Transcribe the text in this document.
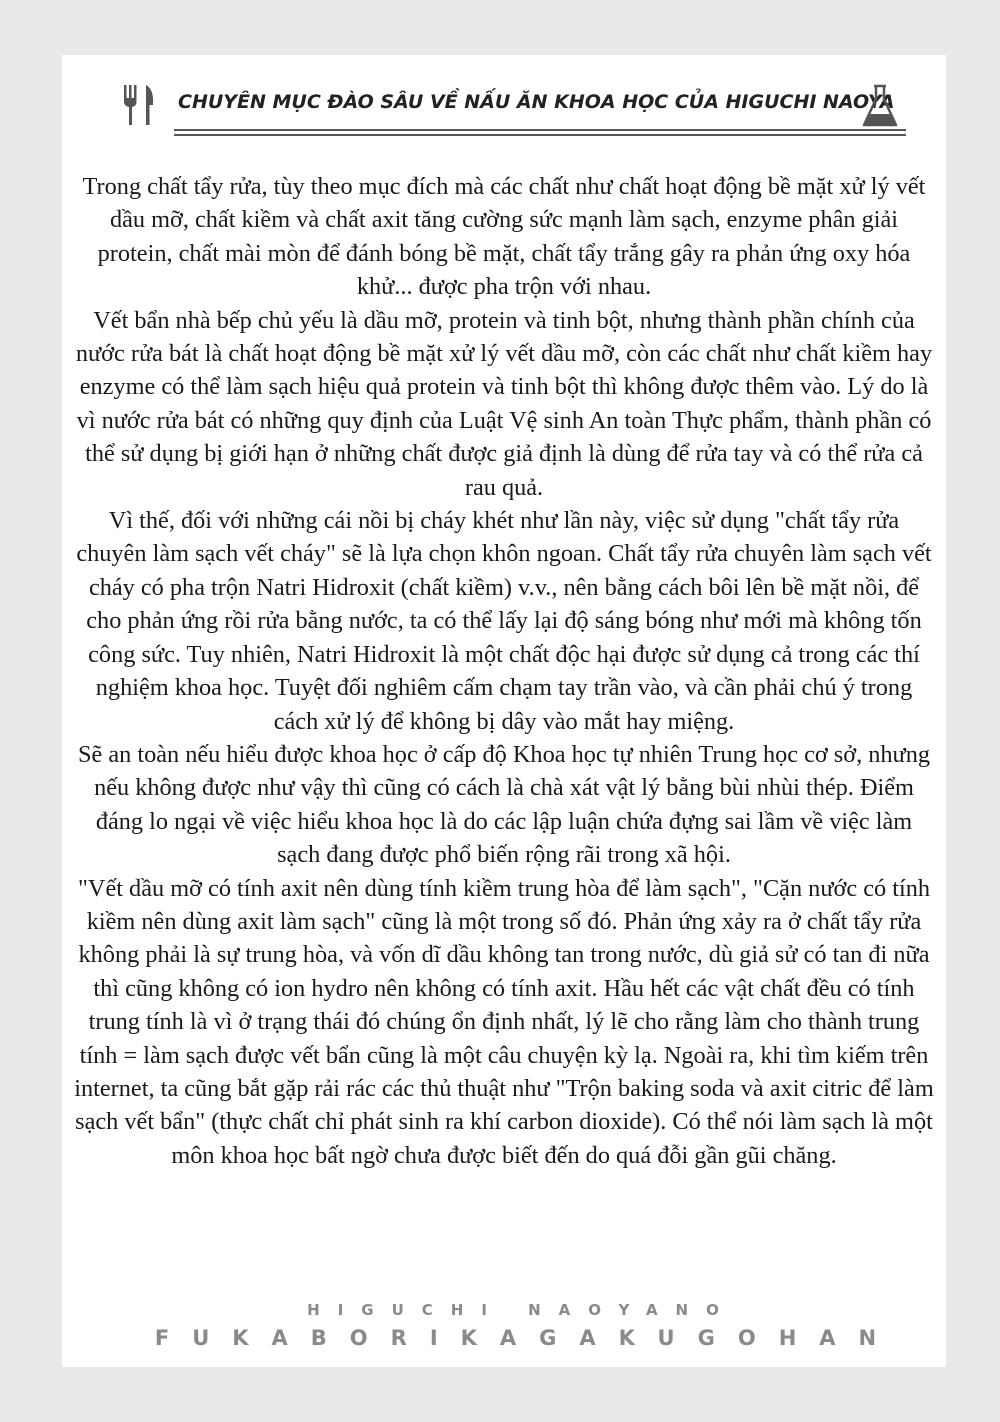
CHUYÊN MỤC ĐÀO SÂU VỀ NẤU ĂN KHOA HỌC CỦA HIGUCHI NAOYA

Trong chất tẩy rửa, tùy theo mục đích mà các chất như chất hoạt động bề mặt xử lý vết dầu mỡ, chất kiềm và chất axit tăng cường sức mạnh làm sạch, enzyme phân giải protein, chất mài mòn để đánh bóng bề mặt, chất tẩy trắng gây ra phản ứng oxy hóa khử... được pha trộn với nhau.

Vết bẩn nhà bếp chủ yếu là dầu mỡ, protein và tinh bột, nhưng thành phần chính của nước rửa bát là chất hoạt động bề mặt xử lý vết dầu mỡ, còn các chất như chất kiềm hay enzyme có thể làm sạch hiệu quả protein và tinh bột thì không được thêm vào. Lý do là vì nước rửa bát có những quy định của Luật Vệ sinh An toàn Thực phẩm, thành phần có thể sử dụng bị giới hạn ở những chất được giả định là dùng để rửa tay và có thể rửa cả rau quả.

Vì thế, đối với những cái nồi bị cháy khét như lần này, việc sử dụng "chất tẩy rửa chuyên làm sạch vết cháy" sẽ là lựa chọn khôn ngoan. Chất tẩy rửa chuyên làm sạch vết cháy có pha trộn Natri Hidroxit (chất kiềm) v.v., nên bằng cách bôi lên bề mặt nồi, để cho phản ứng rồi rửa bằng nước, ta có thể lấy lại độ sáng bóng như mới mà không tốn công sức. Tuy nhiên, Natri Hidroxit là một chất độc hại được sử dụng cả trong các thí nghiệm khoa học. Tuyệt đối nghiêm cấm chạm tay trần vào, và cần phải chú ý trong cách xử lý để không bị dây vào mắt hay miệng.

Sẽ an toàn nếu hiểu được khoa học ở cấp độ Khoa học tự nhiên Trung học cơ sở, nhưng nếu không được như vậy thì cũng có cách là chà xát vật lý bằng bùi nhùi thép. Điểm đáng lo ngại về việc hiểu khoa học là do các lập luận chứa đựng sai lầm về việc làm sạch đang được phổ biến rộng rãi trong xã hội.

"Vết dầu mỡ có tính axit nên dùng tính kiềm trung hòa để làm sạch", "Cặn nước có tính kiềm nên dùng axit làm sạch" cũng là một trong số đó. Phản ứng xảy ra ở chất tẩy rửa không phải là sự trung hòa, và vốn dĩ dầu không tan trong nước, dù giả sử có tan đi nữa thì cũng không có ion hydro nên không có tính axit. Hầu hết các vật chất đều có tính trung tính là vì ở trạng thái đó chúng ổn định nhất, lý lẽ cho rằng làm cho thành trung tính = làm sạch được vết bẩn cũng là một câu chuyện kỳ lạ. Ngoài ra, khi tìm kiếm trên internet, ta cũng bắt gặp rải rác các thủ thuật như "Trộn baking soda và axit citric để làm sạch vết bẩn" (thực chất chỉ phát sinh ra khí carbon dioxide). Có thể nói làm sạch là một môn khoa học bất ngờ chưa được biết đến do quá đỗi gần gũi chăng.

HIGUCHI NAOYANO
FUKABORIKAGAKUGOHAN
